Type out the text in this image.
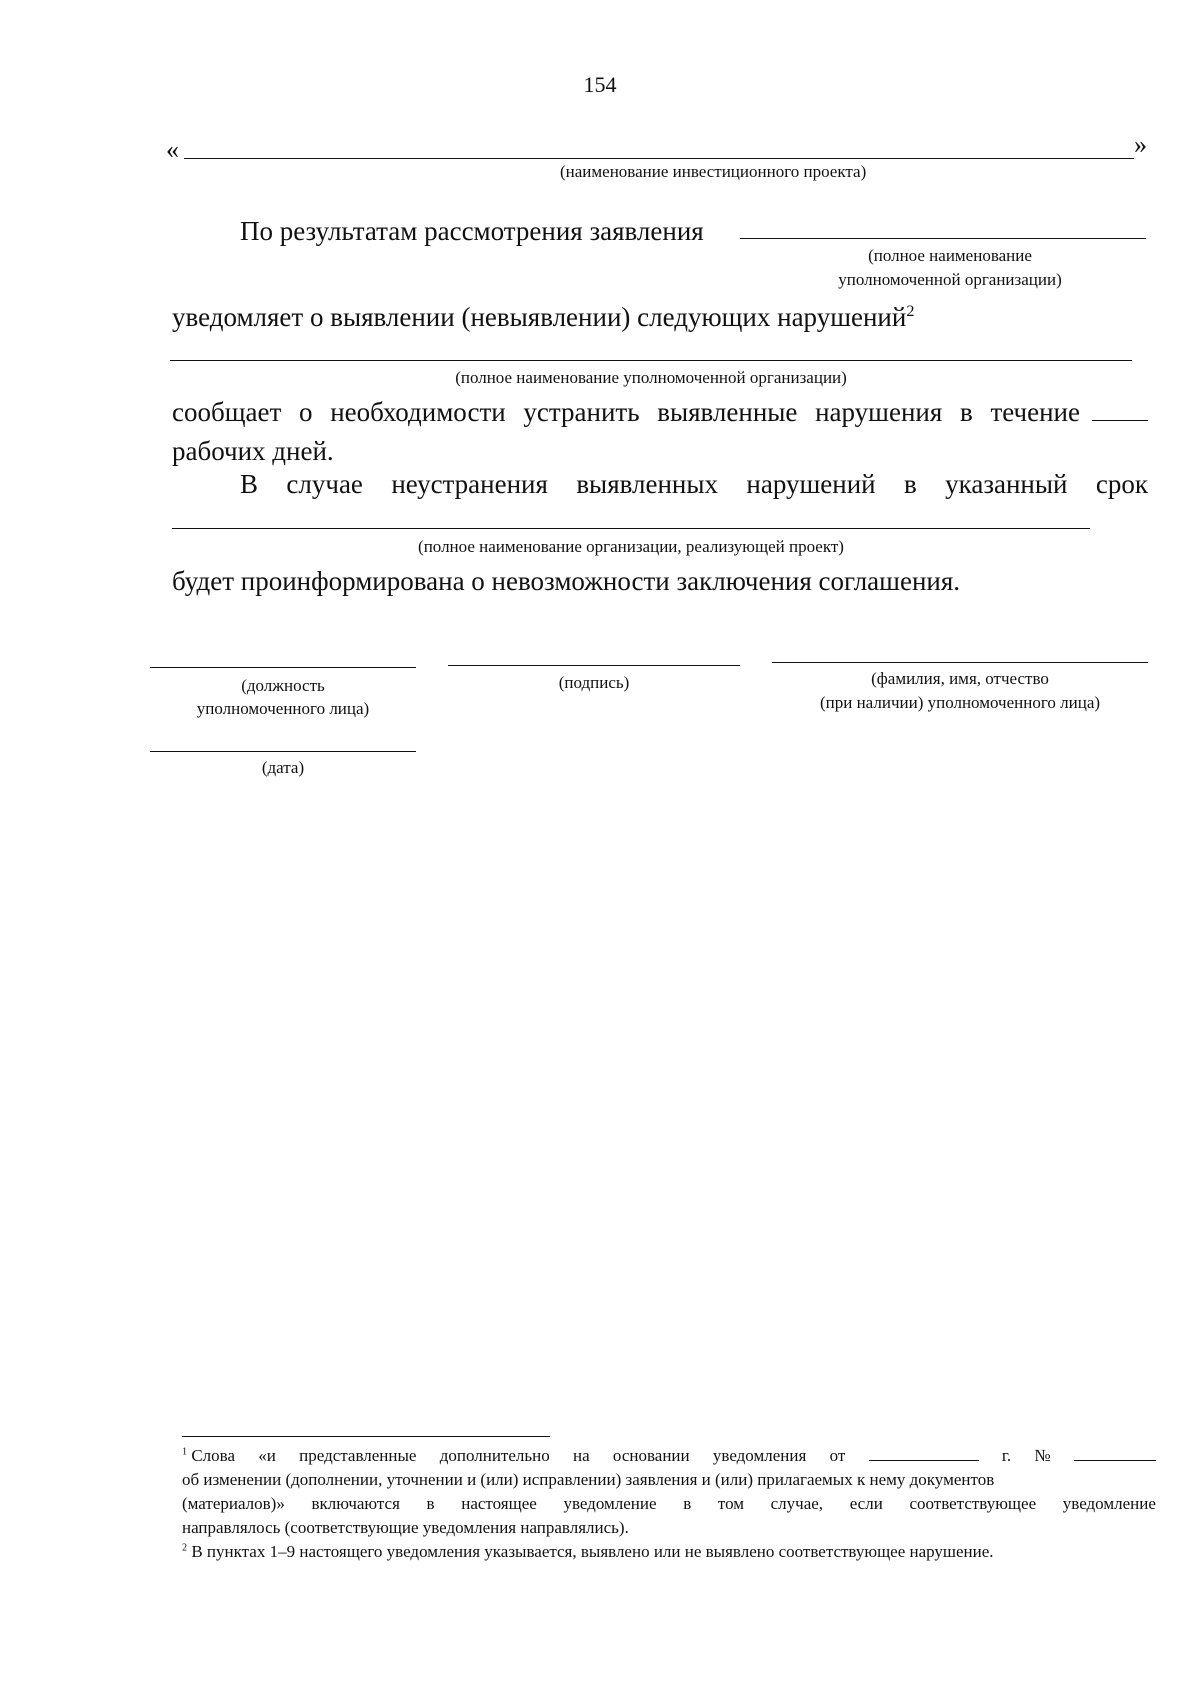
154
«	»
(наименование инвестиционного проекта)
По результатам рассмотрения заявления
(полное наименование
уполномоченной организации)
уведомляет о выявлении (невыявлении) следующих нарушений$^2$
(полное наименование уполномоченной организации)
сообщает о необходимости устранить выявленные нарушения в течение
рабочих дней.
В случае неустранения выявленных нарушений в указанный срок
(полное наименование организации, реализующей проект)
будет проинформирована о невозможности заключения соглашения.
(должность
уполномоченного лица)
(подпись)	(фамилия, имя, отчество
(при наличии) уполномоченного лица)
(дата)
$^1$ Слова «и представленные дополнительно на основании уведомления от	г. №
об изменении (дополнении, уточнении и (или) исправлении) заявления и (или) прилагаемых к нему документов
(материалов)» включаются в настоящее уведомление в том случае, если соответствующее уведомление
направлялось (соответствующие уведомления направлялись).
$^2$ В пунктах 1–9 настоящего уведомления указывается, выявлено или не выявлено соответствующее нарушение.
